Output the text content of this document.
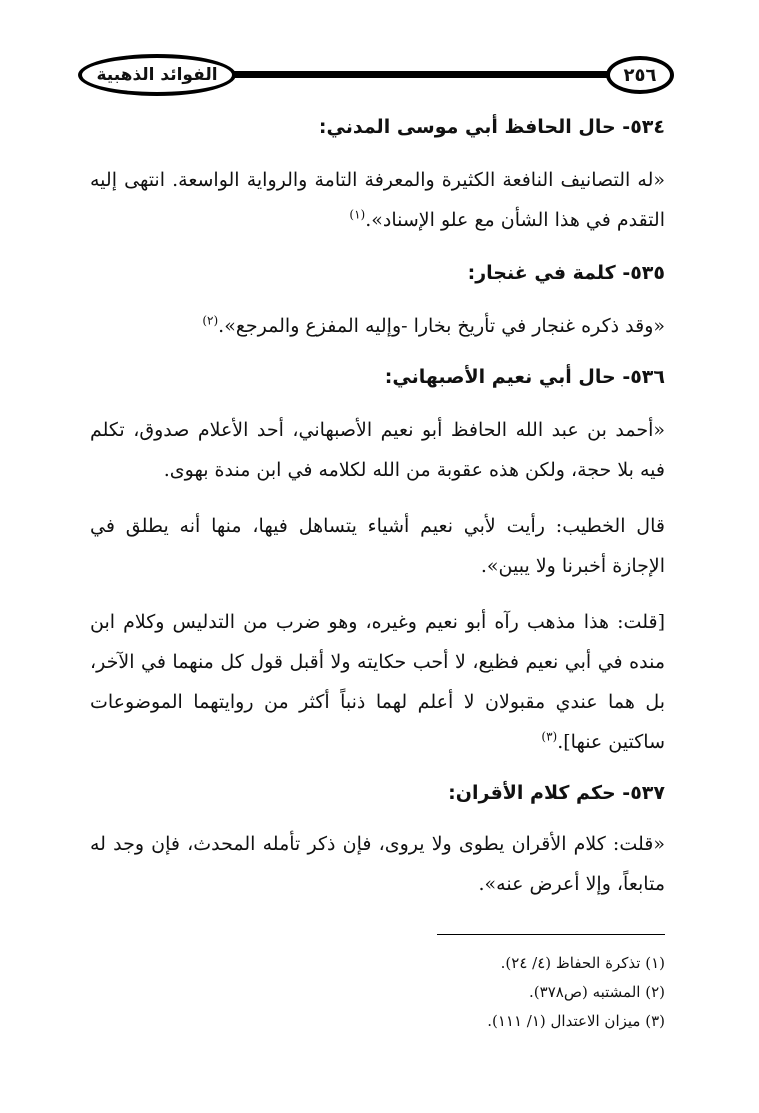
الفوائد الذهبية	٢٥٦
٥٣٤- حال الحافظ أبي موسى المدني:

«له التصانيف النافعة الكثيرة والمعرفة التامة والرواية الواسعة. انتهى إليه التقدم في هذا الشأن مع علو الإسناد».$^{(١)}$

٥٣٥- كلمة في غنجار:

«وقد ذكره غنجار في تأريخ بخارا -وإليه المفزع والمرجع».$^{(٢)}$

٥٣٦- حال أبي نعيم الأصبهاني:

«أحمد بن عبد الله الحافظ أبو نعيم الأصبهاني، أحد الأعلام صدوق، تكلم فيه بلا حجة، ولكن هذه عقوبة من الله لكلامه في ابن مندة بهوى.

قال الخطيب: رأيت لأبي نعيم أشياء يتساهل فيها، منها أنه يطلق في الإجازة أخبرنا ولا يبين».

[قلت: هذا مذهب رآه أبو نعيم وغيره، وهو ضرب من التدليس وكلام ابن منده في أبي نعيم فظيع، لا أحب حكايته ولا أقبل قول كل منهما في الآخر، بل هما عندي مقبولان لا أعلم لهما ذنباً أكثر من روايتهما الموضوعات ساكتين عنها].$^{(٣)}$

٥٣٧- حكم كلام الأقران:

«قلت: كلام الأقران يطوى ولا يروى، فإن ذكر تأمله المحدث، فإن وجد له متابعاً، وإلا أعرض عنه».

(١) تذكرة الحفاظ (٤/ ٢٤).
(٢) المشتبه (ص٣٧٨).
(٣) ميزان الاعتدال (١/ ١١١).
